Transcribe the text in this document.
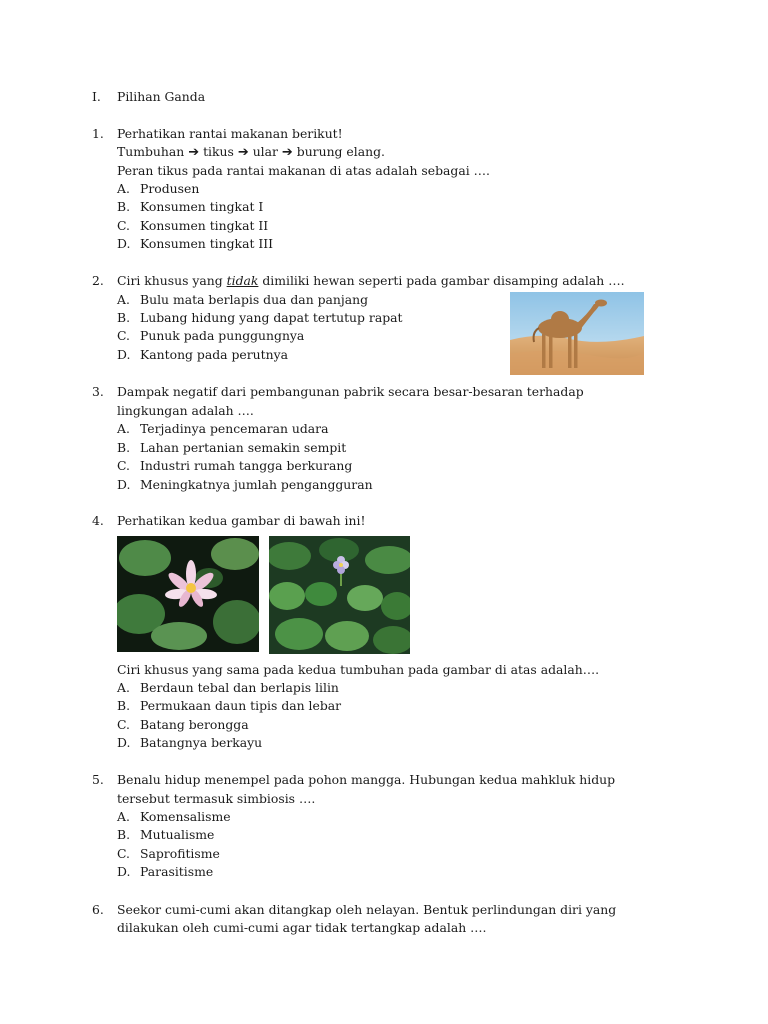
I. Pilihan Ganda
1. Perhatikan rantai makanan berikut!
Tumbuhan ➔ tikus ➔ ular ➔ burung elang.
Peran tikus pada rantai makanan di atas adalah sebagai ….
A. Produsen
B. Konsumen tingkat I
C. Konsumen tingkat II
D. Konsumen tingkat III
2. Ciri khusus yang tidak dimiliki hewan seperti pada gambar disamping adalah ….
A. Bulu mata berlapis dua dan panjang
B. Lubang hidung yang dapat tertutup rapat
C. Punuk pada punggungnya
D. Kantong pada perutnya
3. Dampak negatif dari pembangunan pabrik secara besar-besaran terhadap
lingkungan adalah ….
A. Terjadinya pencemaran udara
B. Lahan pertanian semakin sempit
C. Industri rumah tangga berkurang
D. Meningkatnya jumlah pengangguran
4. Perhatikan kedua gambar di bawah ini!
Ciri khusus yang sama pada kedua tumbuhan pada gambar di atas adalah….
A. Berdaun tebal dan berlapis lilin
B. Permukaan daun tipis dan lebar
C. Batang berongga
D. Batangnya berkayu
5. Benalu hidup menempel pada pohon mangga. Hubungan kedua mahkluk hidup
tersebut termasuk simbiosis ….
A. Komensalisme
B. Mutualisme
C. Saprofitisme
D. Parasitisme
6. Seekor cumi-cumi akan ditangkap oleh nelayan. Bentuk perlindungan diri yang
dilakukan oleh cumi-cumi agar tidak tertangkap adalah ….
